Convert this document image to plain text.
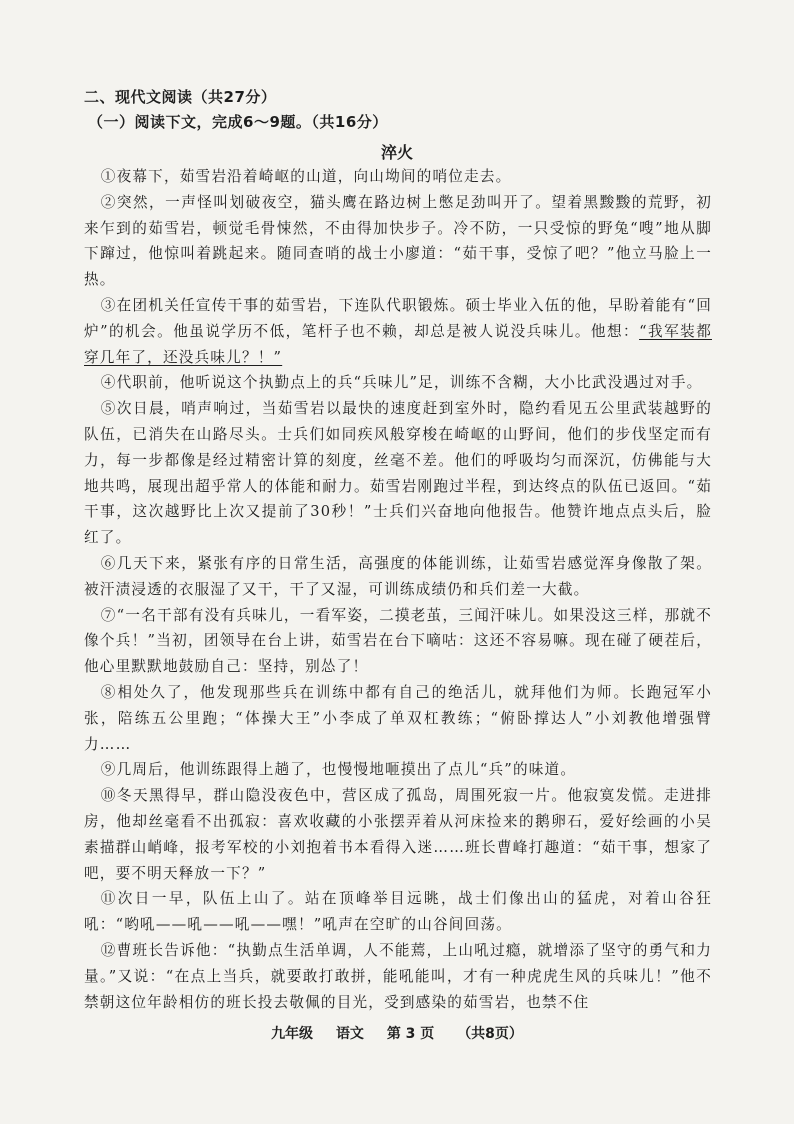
二、现代文阅读（共27分）
（一）阅读下文，完成6～9题。（共16分）
淬火

①夜幕下，茹雪岩沿着崎岖的山道，向山坳间的哨位走去。

②突然，一声怪叫划破夜空，猫头鹰在路边树上憋足劲叫开了。望着黑黢黢的荒野，初来乍到的茹雪岩，顿觉毛骨悚然，不由得加快步子。冷不防，一只受惊的野兔“嗖”地从脚下蹿过，他惊叫着跳起来。随同查哨的战士小廖道：“茹干事，受惊了吧？”他立马脸上一热。

③在团机关任宣传干事的茹雪岩，下连队代职锻炼。硕士毕业入伍的他，早盼着能有“回炉”的机会。他虽说学历不低，笔杆子也不赖，却总是被人说没兵味儿。他想：“我军装都穿几年了，还没兵味儿？！”

④代职前，他听说这个执勤点上的兵“兵味儿”足，训练不含糊，大小比武没遇过对手。

⑤次日晨，哨声响过，当茹雪岩以最快的速度赶到室外时，隐约看见五公里武装越野的队伍，已消失在山路尽头。士兵们如同疾风般穿梭在崎岖的山野间，他们的步伐坚定而有力，每一步都像是经过精密计算的刻度，丝毫不差。他们的呼吸均匀而深沉，仿佛能与大地共鸣，展现出超乎常人的体能和耐力。茹雪岩刚跑过半程，到达终点的队伍已返回。“茹干事，这次越野比上次又提前了30秒！”士兵们兴奋地向他报告。他赞许地点点头后，脸红了。

⑥几天下来，紧张有序的日常生活，高强度的体能训练，让茹雪岩感觉浑身像散了架。被汗渍浸透的衣服湿了又干，干了又湿，可训练成绩仍和兵们差一大截。

⑦“一名干部有没有兵味儿，一看军姿，二摸老茧，三闻汗味儿。如果没这三样，那就不像个兵！”当初，团领导在台上讲，茹雪岩在台下嘀咕：这还不容易嘛。现在碰了硬茬后，他心里默默地鼓励自己：坚持，别怂了！

⑧相处久了，他发现那些兵在训练中都有自己的绝活儿，就拜他们为师。长跑冠军小张，陪练五公里跑；“体操大王”小李成了单双杠教练；“俯卧撑达人”小刘教他增强臂力……

⑨几周后，他训练跟得上趟了，也慢慢地咂摸出了点儿“兵”的味道。

⑩冬天黑得早，群山隐没夜色中，营区成了孤岛，周围死寂一片。他寂寞发慌。走进排房，他却丝毫看不出孤寂：喜欢收藏的小张摆弄着从河床捡来的鹅卵石，爱好绘画的小吴素描群山峭峰，报考军校的小刘抱着书本看得入迷……班长曹峰打趣道：“茹干事，想家了吧，要不明天释放一下？”

⑪次日一早，队伍上山了。站在顶峰举目远眺，战士们像出山的猛虎，对着山谷狂吼：“哟吼——吼——吼——嘿！”吼声在空旷的山谷间回荡。

⑫曹班长告诉他：“执勤点生活单调，人不能蔫，上山吼过瘾，就增添了坚守的勇气和力量。”又说：“在点上当兵，就要敢打敢拼，能吼能叫，才有一种虎虎生风的兵味儿！”他不禁朝这位年龄相仿的班长投去敬佩的目光，受到感染的茹雪岩，也禁不住

九年级 语文 第 3 页 （共8页）
